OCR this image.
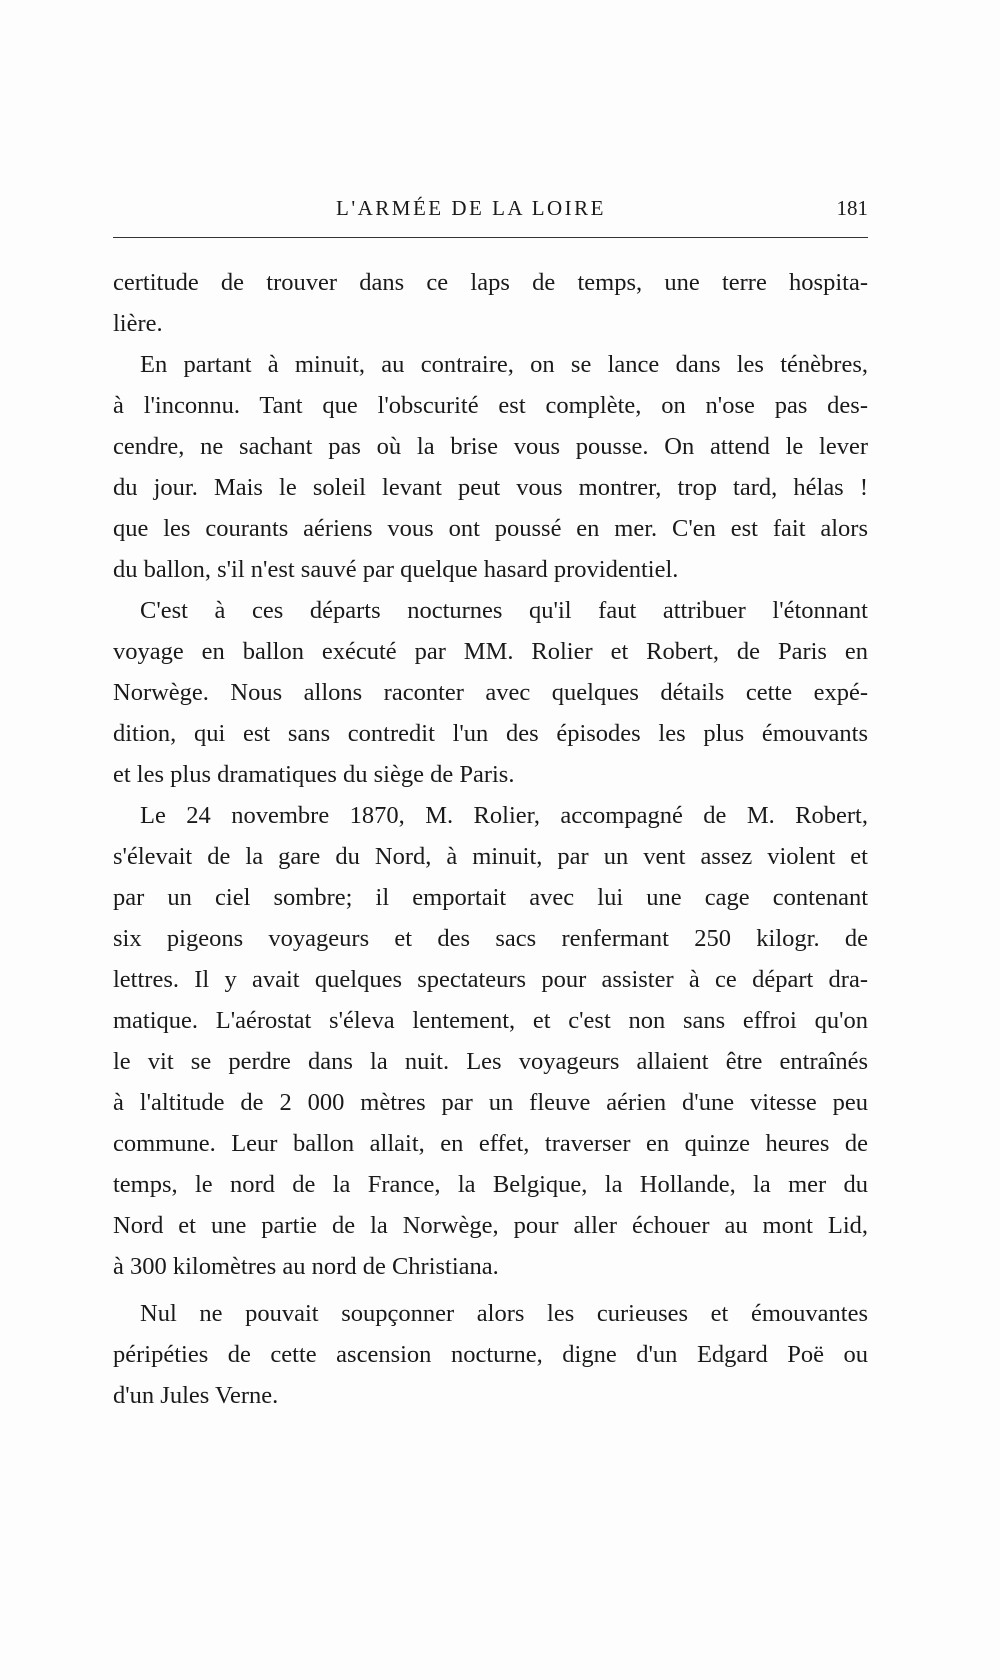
L'ARMÉE DE LA LOIRE	181
certitude de trouver dans ce laps de temps, une terre hospita-
lière.
En partant à minuit, au contraire, on se lance dans les ténèbres,
à l'inconnu. Tant que l'obscurité est complète, on n'ose pas des-
cendre, ne sachant pas où la brise vous pousse. On attend le lever
du jour. Mais le soleil levant peut vous montrer, trop tard, hélas !
que les courants aériens vous ont poussé en mer. C'en est fait alors
du ballon, s'il n'est sauvé par quelque hasard providentiel.
C'est à ces départs nocturnes qu'il faut attribuer l'étonnant
voyage en ballon exécuté par MM. Rolier et Robert, de Paris en
Norwège. Nous allons raconter avec quelques détails cette expé-
dition, qui est sans contredit l'un des épisodes les plus émouvants
et les plus dramatiques du siège de Paris.
Le 24 novembre 1870, M. Rolier, accompagné de M. Robert,
s'élevait de la gare du Nord, à minuit, par un vent assez violent et
par un ciel sombre; il emportait avec lui une cage contenant
six pigeons voyageurs et des sacs renfermant 250 kilogr. de
lettres. Il y avait quelques spectateurs pour assister à ce départ dra-
matique. L'aérostat s'éleva lentement, et c'est non sans effroi qu'on
le vit se perdre dans la nuit. Les voyageurs allaient être entraînés
à l'altitude de 2 000 mètres par un fleuve aérien d'une vitesse peu
commune. Leur ballon allait, en effet, traverser en quinze heures de
temps, le nord de la France, la Belgique, la Hollande, la mer du
Nord et une partie de la Norwège, pour aller échouer au mont Lid,
à 300 kilomètres au nord de Christiana.
Nul ne pouvait soupçonner alors les curieuses et émouvantes
péripéties de cette ascension nocturne, digne d'un Edgard Poë ou
d'un Jules Verne.
